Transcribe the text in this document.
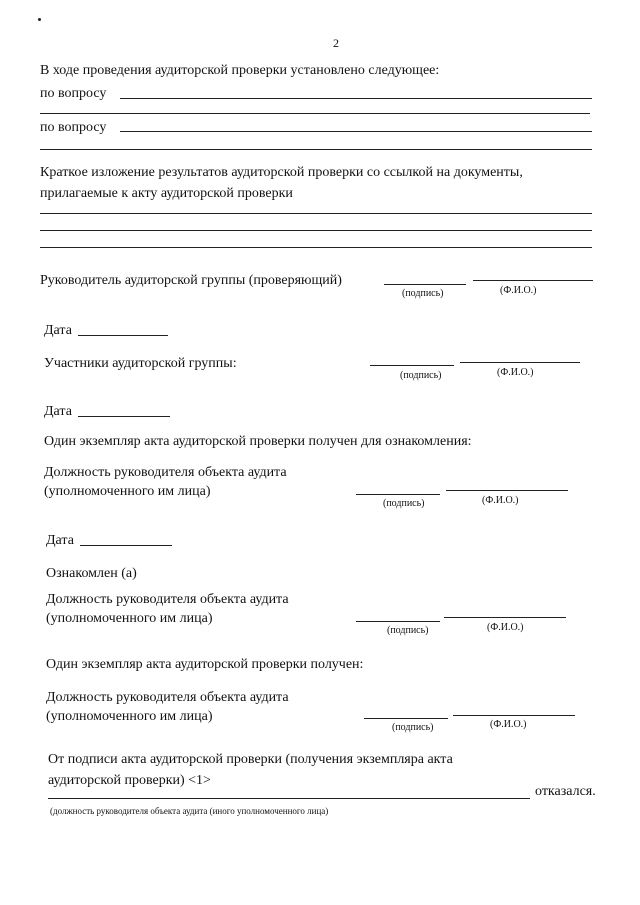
2
В ходе проведения аудиторской проверки установлено следующее:
по вопросу
по вопросу
Краткое изложение результатов аудиторской проверки со ссылкой на документы,
прилагаемые к акту аудиторской проверки
Руководитель аудиторской группы (проверяющий)
(подпись)	(Ф.И.О.)
Дата
Участники аудиторской группы:
(подпись)	(Ф.И.О.)
Дата
Один экземпляр акта аудиторской проверки получен для ознакомления:
Должность руководителя объекта аудита
(уполномоченного им лица)
(подпись)	(Ф.И.О.)
Дата
Ознакомлен (а)
Должность руководителя объекта аудита
(уполномоченного им лица)
(подпись)	(Ф.И.О.)
Один экземпляр акта аудиторской проверки получен:
Должность руководителя объекта аудита
(уполномоченного им лица)
(подпись)	(Ф.И.О.)
От подписи акта аудиторской проверки (получения экземпляра акта
аудиторской проверки) <1>
отказался.
(должность руководителя объекта аудита (иного уполномоченного лица)
